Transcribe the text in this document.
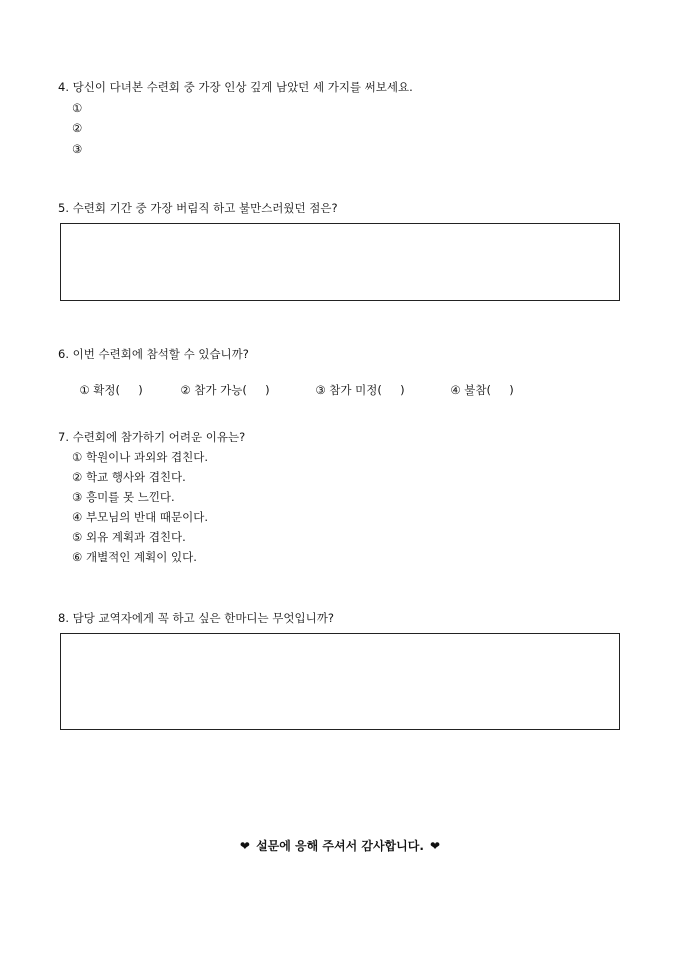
4. 당신이 다녀본 수련회 중 가장 인상 깊게 남았던 세 가지를 써보세요.
①
②
③
5. 수련회 기간 중 가장 버림직 하고 불만스러웠던 점은?
6. 이번 수련회에 참석할 수 있습니까?

① 확정(     )	② 참가 가능(     )	③ 참가 미정(     )	④ 불참(     )

7. 수련회에 참가하기 어려운 이유는?
① 학원이나 과외와 겹친다.
② 학교 행사와 겹친다.
③ 흥미를 못 느낀다.
④ 부모님의 반대 때문이다.
⑤ 외유 계획과 겹친다.
⑥ 개별적인 계획이 있다.
8. 담당 교역자에게 꼭 하고 싶은 한마디는 무엇입니까?
❤ 설문에 응해 주셔서 감사합니다. ❤
